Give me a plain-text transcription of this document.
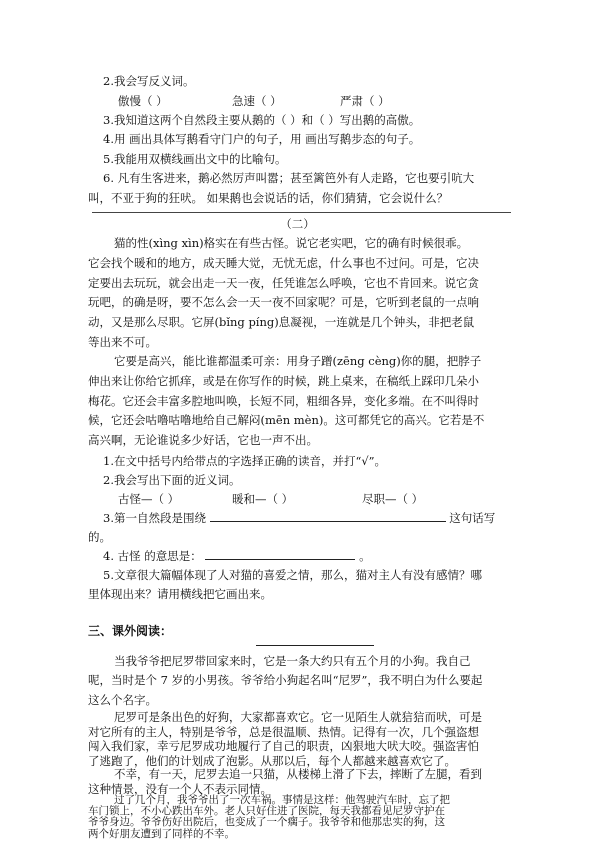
2.我会写反义词。
傲慢（ ）	急速（ ）	严肃（ ）
3.我知道这两个自然段主要从鹅的（ ）和（ ）写出鹅的高傲。
4.用 画出具体写鹅看守门户的句子，用 画出写鹅步态的句子。
5.我能用双横线画出文中的比喻句。
6. 凡有生客进来，鹅必然厉声叫嚣；甚至篱笆外有人走路，它也要引吭大
叫，不亚于狗的狂吠。 如果鹅也会说话的话，你们猜猜，它会说什么？
（二）
猫的性(xìng xìn)格实在有些古怪。说它老实吧，它的确有时候很乖。
它会找个暖和的地方，成天睡大觉，无忧无虑，什么事也不过问。可是，它决
定要出去玩玩，就会出走一天一夜，任凭谁怎么呼唤，它也不肯回来。说它贪
玩吧，的确是呀，要不怎么会一天一夜不回家呢？可是，它听到老鼠的一点响
动，又是那么尽职。它屏(bǐng píng)息凝视，一连就是几个钟头，非把老鼠
等出来不可。
它要是高兴，能比谁都温柔可亲：用身子蹭(zēng cèng)你的腿，把脖子
伸出来让你给它抓痒，或是在你写作的时候，跳上桌来，在稿纸上踩印几朵小
梅花。它还会丰富多腔地叫唤，长短不同，粗细各异，变化多端。在不叫得时
候，它还会咕噜咕噜地给自己解闷(mēn mèn)。这可都凭它的高兴。它若是不
高兴啊，无论谁说多少好话，它也一声不出。
1.在文中括号内给带点的字选择正确的读音，并打“√”。
2.我会写出下面的近义词。
古怪—（ ）	暖和—（ ）	尽职—（ ）
3.第一自然段是围绕	这句话写
的。
4. 古怪 的意思是：	。
5.文章很大篇幅体现了人对猫的喜爱之情，那么，猫对主人有没有感情？哪
里体现出来？请用横线把它画出来。
三、课外阅读：
当我爷爷把尼罗带回家来时，它是一条大约只有五个月的小狗。我自己
呢，当时是个 7 岁的小男孩。爷爷给小狗起名叫“尼罗”，我不明白为什么要起
这么个名字。
尼罗可是条出色的好狗，大家都喜欢它。它一见陌生人就狺狺而吠，可是
对它所有的主人，特别是爷爷，总是很温顺、热情。记得有一次，几个强盗想
闯入我们家，幸亏尼罗成功地履行了自己的职责，凶狠地大吠大咬。强盗害怕
了逃跑了，他们的计划成了泡影。从那以后，每个人都越来越喜欢它了。
不幸，有一天，尼罗去追一只猫，从楼梯上滑了下去，摔断了左腿，看到
这种情景，没有一个人不表示同情。
过了几个月，我爷爷出了一次车祸。事情是这样：他驾驶汽车时，忘了把
车门锁上，不小心跌出车外。老人只好住进了医院，每天我都看见尼罗守护在
爷爷身边。爷爷伤好出院后，也变成了一个瘸子。我爷爷和他那忠实的狗，这
两个好朋友遭到了同样的不幸。
